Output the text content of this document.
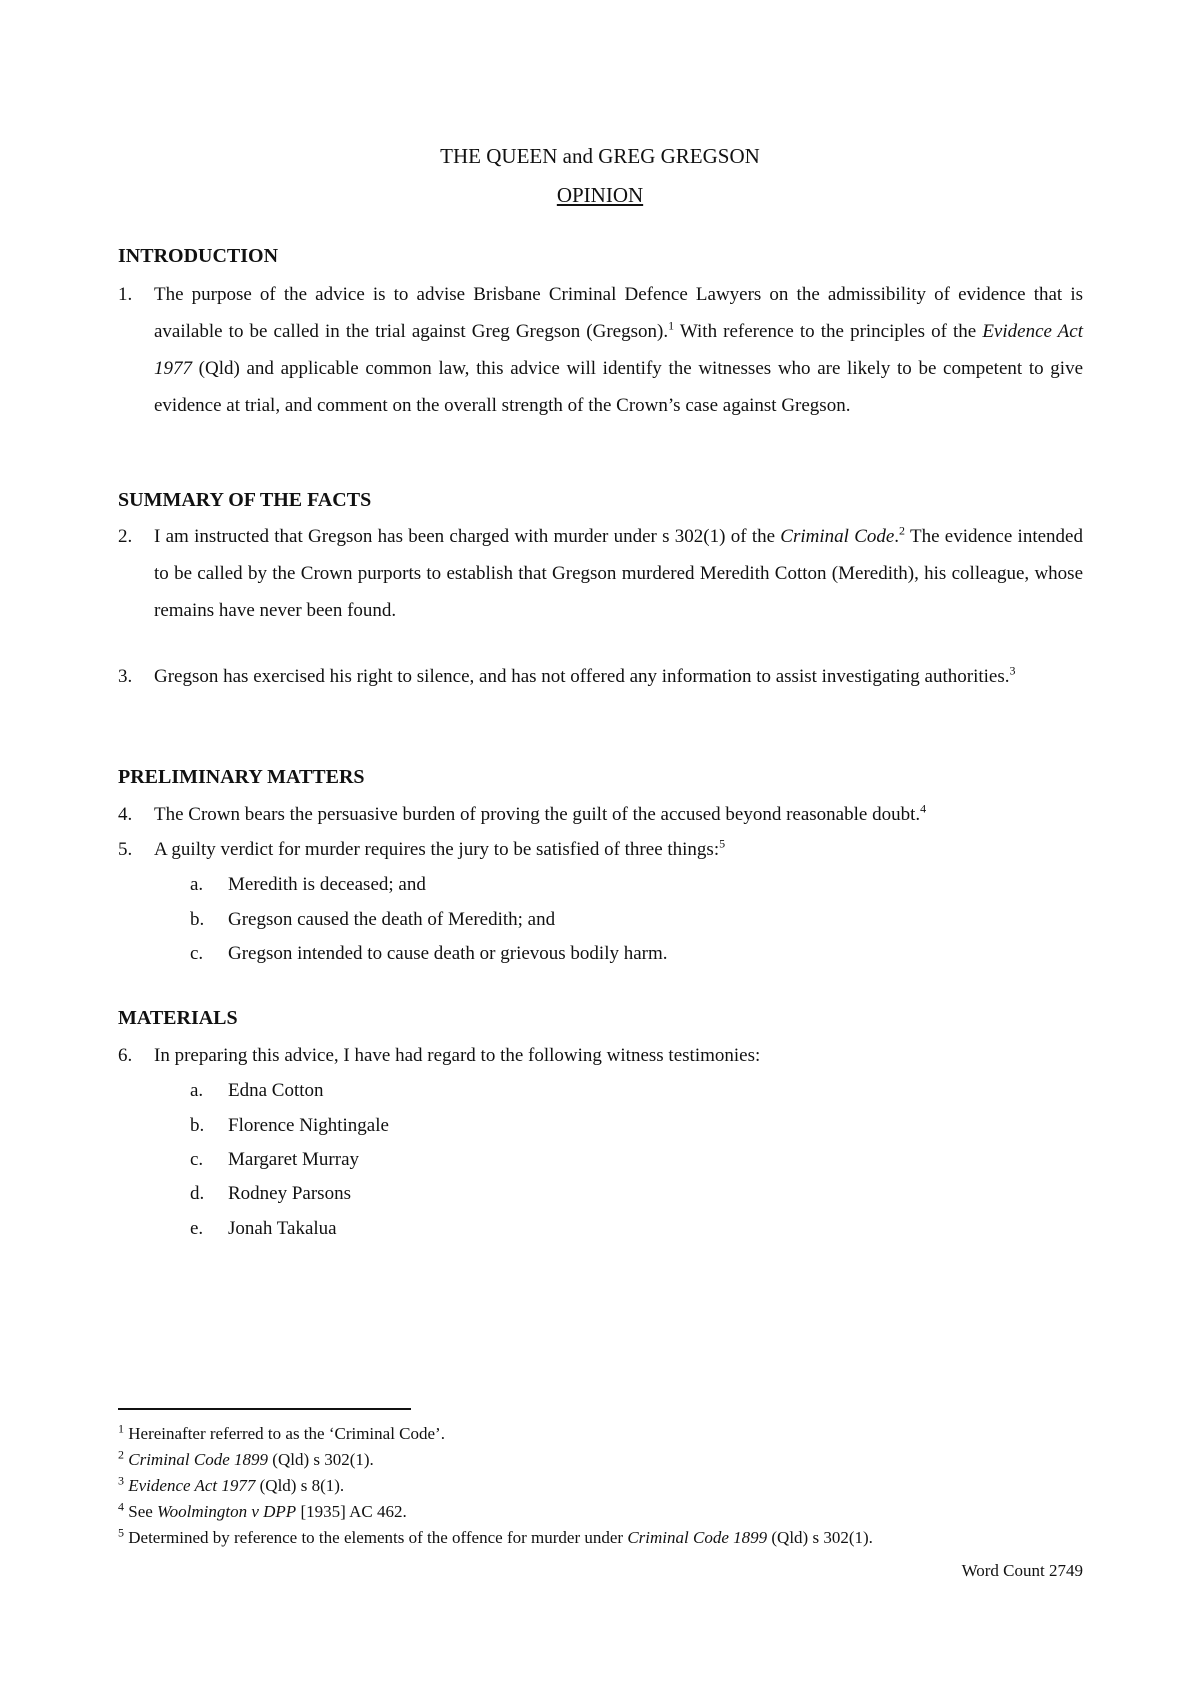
THE QUEEN and GREG GREGSON
OPINION
INTRODUCTION
1. The purpose of the advice is to advise Brisbane Criminal Defence Lawyers on the admissibility of evidence that is available to be called in the trial against Greg Gregson (Gregson).$^1$ With reference to the principles of the Evidence Act 1977 (Qld) and applicable common law, this advice will identify the witnesses who are likely to be competent to give evidence at trial, and comment on the overall strength of the Crown’s case against Gregson.
SUMMARY OF THE FACTS
2. I am instructed that Gregson has been charged with murder under s 302(1) of the Criminal Code.$^2$ The evidence intended to be called by the Crown purports to establish that Gregson murdered Meredith Cotton (Meredith), his colleague, whose remains have never been found.
3. Gregson has exercised his right to silence, and has not offered any information to assist investigating authorities.$^3$
PRELIMINARY MATTERS
4. The Crown bears the persuasive burden of proving the guilt of the accused beyond reasonable doubt.$^4$
5. A guilty verdict for murder requires the jury to be satisfied of three things:$^5$
a. Meredith is deceased; and
b. Gregson caused the death of Meredith; and
c. Gregson intended to cause death or grievous bodily harm.
MATERIALS
6. In preparing this advice, I have had regard to the following witness testimonies:
a. Edna Cotton
b. Florence Nightingale
c. Margaret Murray
d. Rodney Parsons
e. Jonah Takalua
$^1$ Hereinafter referred to as the ‘Criminal Code’.
$^2$ Criminal Code 1899 (Qld) s 302(1).
$^3$ Evidence Act 1977 (Qld) s 8(1).
$^4$ See Woolmington v DPP [1935] AC 462.
$^5$ Determined by reference to the elements of the offence for murder under Criminal Code 1899 (Qld) s 302(1).
Word Count 2749
